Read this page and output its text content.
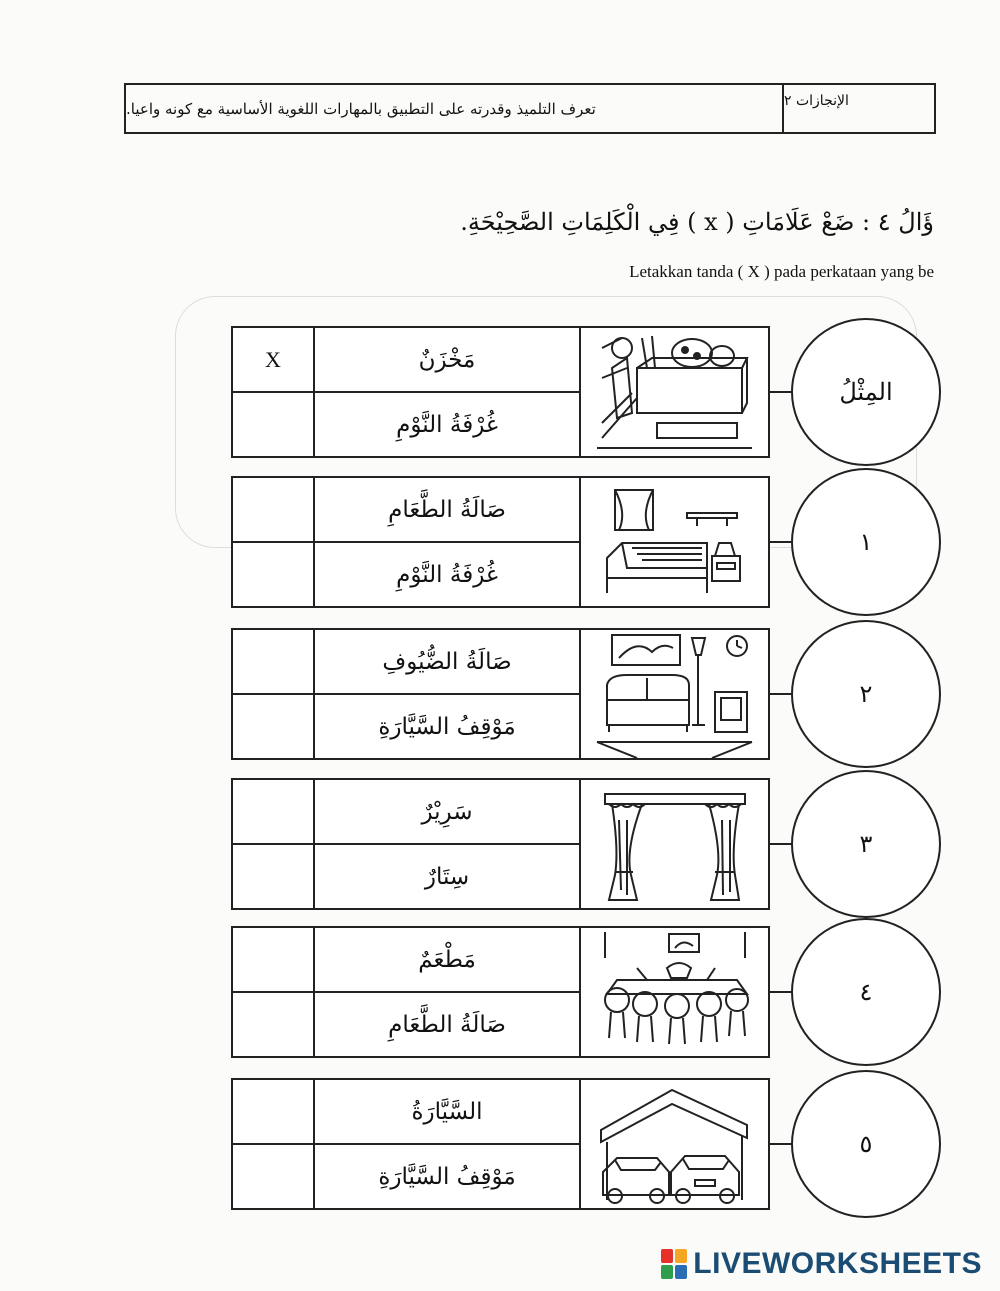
تعرف التلميذ وقدرته على التطبيق بالمهارات اللغوية الأساسية مع كونه واعيا.	الإنجازات ٢
ؤَالُ ٤ : ضَعْ عَلَامَاتِ ( x ) فِي الْكَلِمَاتِ الصَّحِيْحَةِ.
Letakkan tanda ( X ) pada perkataan yang be
X	مَخْزَنٌ
غُرْفَةُ النَّوْمِ
المِثْلُ
صَالَةُ الطَّعَامِ
غُرْفَةُ النَّوْمِ
١
صَالَةُ الضُّيُوفِ
مَوْقِفُ السَّيَّارَةِ
٢
سَرِيْرٌ
سِتَارٌ
٣
مَطْعَمٌ
صَالَةُ الطَّعَامِ
٤
السَّيَّارَةُ
مَوْقِفُ السَّيَّارَةِ
٥
LIVEWORKSHEETS
